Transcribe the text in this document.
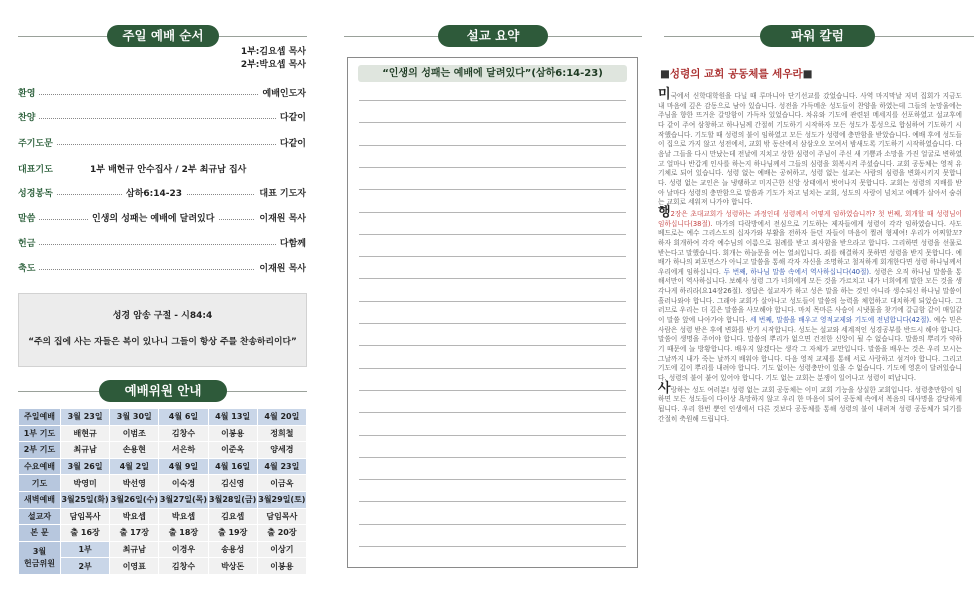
주일 예배 순서
1부:김요셉 목사
2부:박요셉 목사
환영	예배인도자
찬양	다같이
주기도문	다같이
대표기도	1부 배현규 안수집사 / 2부 최규남 집사
성경봉독	삼하6:14-23	대표 기도자
말씀	인생의 성패는 예배에 달려있다	이재원 목사
헌금	다함께
축도	이재원 목사
성경 암송 구절 - 시84:4
“주의 집에 사는 자들은 복이 있나니 그들이 항상 주를 찬송하리이다”
예배위원 안내
주일예배	3월 23일	3월 30일	4월 6일	4월 13일	4월 20일
1부 기도	배현규	이범조	김창수	이봉용	정희철
2부 기도	최규남	손용현	서은하	이준옥	양세경
수요예배	3월 26일	4월 2일	4월 9일	4월 16일	4월 23일
기도	박영미	박선영	이숙경	김신영	이금옥
새벽예배	3월25일(화)	3월26일(수)	3월27일(목)	3월28일(금)	3월29일(토)
설교자	담임목사	박요셉	박요셉	김요셉	담임목사
본 문	출 16장	출 17장	출 18장	출 19장	출 20장
3월
헌금위원	1부	최규남	이경우	송용성	이상기
	2부	이영표	김창수	박상돈	이봉용
설교 요약
“인생의 성패는 예배에 달려있다”(삼하6:14-23)
파워 칼럼
■성령의 교회 공동체를 세우라■

미국에서 신학대학원을 다닐 때 루마니아 단기선교를 갔었습니다. 사역 마지막날 저녁 집회가 지금도 내 마음에 깊은 감동으로 남아 있습니다. 성전을 가득메운 성도들이 찬양을 하였는데 그들의 눈망울에는 주님을 향한 뜨거운 갈망함이 가득차 있었습니다. 차유와 기도에 관련된 메세지를 선포하였고 설교후에 다 같이 주여 삼창하고 하나님께 간절히 기도하기 시작하자 모든 성도가 통성으로 합심하여 기도하기 시작했습니다. 기도할 때 성령의 불이 임하였고 모든 성도가 성령에 충만함을 받았습니다. 예배 후에 성도들이 집으로 가지 않고 성전에서, 교회 밖 동산에서 삼삼오오 모여서 밤새도록 기도하기 시작하였습니다. 다음날 그들을 다시 만났는데 전날에 지치고 상한 심령이 주님이 주신 새 기쁨과 소망을 가진 얼굴로 변하였고 얼마나 반갑게 인사를 하는지 하나님께서 그들의 심령을 회복시켜 주셨습니다. 교회 공동체는 영적 유기체로 되어 있습니다. 성령 없는 예배는 공허하고, 성령 없는 설교는 사람의 심령을 변화시키지 못합니다. 성령 없는 교인은 늘 냉랭하고 미지근한 신앙 상태에서 벗어나지 못합니다. 교회는 성령의 지배를 받아 날마다 성령의 충만함으로 말씀과 기도가 차고 넘치는 교회, 성도의 사랑이 넘치고 예배가 살아서 숨쉬는 교회로 세워져 나가야 합니다.

행2장은 초대교회가 성령하는 과정인데 성령께서 어떻게 임하였습니까? 첫 번째, 회개할 때 성령님이 임하십니다(38절). 마가의 다락방에서 전심으로 기도하는 제자들에게 성령이 각각 임하였습니다. 사도 베드로는 예수 그리스도의 십자가와 부활을 전하자 듣던 자들이 마음이 찔려 형제여! 우리가 어찌할꼬? 하자 회개하여 각각 예수님의 이름으로 침례를 받고 죄사함을 받으라고 합니다. 그리하면 성령을 선물로 받는다고 말했습니다. 회개는 하늘문을 여는 열쇠입니다. 죄를 해결하지 못하면 성령을 받지 못합니다. 예배가 하나의 퍼포먼스가 아니고 말씀을 통해 각자 자신을 조명하고 철저하게 회개한다면 성령 하나님께서 우리에게 임하십니다. 두 번째, 하나님 말씀 속에서 역사하십니다(40절). 성령은 오직 하나님 말씀을 통해서만이 역사하십니다. 보혜사 성령 그가 너희에게 모든 것을 가르치고 내가 너희에게 말한 모든 것을 생각나게 하리라(요14장26절). 정답은 설교자가 하고 성은 말을 하는 것인 아니라 생수되신 하나님 말씀이 흘러나와야 합니다. 그래야 교회가 살아나고 성도들이 말씀의 능력을 체험하고 대치하게 되었습니다. 그러므로 우리는 더 깊은 말씀을 사모해야 합니다. 마치 목마른 사슴이 시냇물을 찾기에 갈급함 같이 매일같이 말씀 앞에 나아가야 합니다. 세 번째, 말씀을 배우고 영적교제와 기도에 전념합니다(42절). 예수 믿은 사람은 성령 받은 후에 변화를 받기 시작합니다. 성도는 설교와 세계적인 성경공부를 반드시 해야 합니다. 말씀이 생명을 주어야 합니다. 말씀의 뿌리가 없으면 건전한 신앙이 될 수 없습니다. 말씀의 뿌리가 약하기 때문에 늘 방황합니다. 배우지 않겠다는 생각 그 자체가 교만입니다. 말씀을 배우는 것은 우리 모시는 그날까지 내가 죽는 날까지 배워야 합니다. 다음 영적 교제를 통해 서로 사랑하고 섬겨야 합니다. 그리고 기도에 깊이 뿌리를 내려야 합니다. 기도 없이는 성령충만이 있을 수 없습니다. 기도에 영혼이 달려있습니다. 성령의 불이 붙어 있어야 합니다. 기도 없는 교회는 분쟁이 일어나고 성령이 떠납니다.

사랑하는 성도 여러분! 성령 없는 교회 공동체는 이미 교회 기능을 상실한 교회입니다. 성령충만함이 임하면 모든 성도들이 다이상 욕망하지 않고 우리 한 마음이 되어 공동체 속에서 복음의 대사명을 감당하게 됩니다. 우리 한번 뿐인 인생에서 다른 것보다 공동체를 통해 성령의 불이 내려져 성령 공동체가 되기를 간절히 축원해 드립니다.
